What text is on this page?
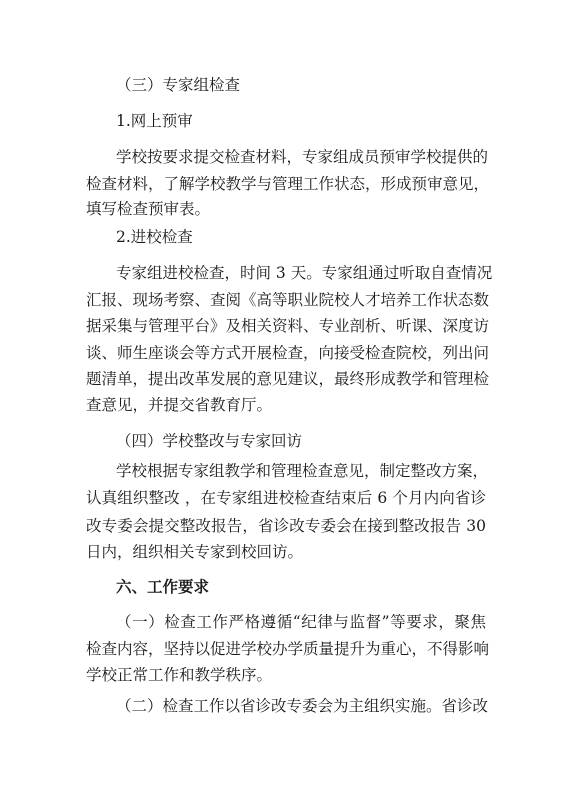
（三）专家组检查
1.网上预审
学校按要求提交检查材料，专家组成员预审学校提供的
检查材料，了解学校教学与管理工作状态，形成预审意见，
填写检查预审表。
2.进校检查
专家组进校检查，时间 3 天。专家组通过听取自查情况
汇报、现场考察、查阅《高等职业院校人才培养工作状态数
据采集与管理平台》及相关资料、专业剖析、听课、深度访
谈、师生座谈会等方式开展检查，向接受检查院校，列出问
题清单，提出改革发展的意见建议，最终形成教学和管理检
查意见，并提交省教育厅。
（四）学校整改与专家回访
学校根据专家组教学和管理检查意见，制定整改方案，
认真组织整改 ，在专家组进校检查结束后 6 个月内向省诊
改专委会提交整改报告，省诊改专委会在接到整改报告 30
日内，组织相关专家到校回访。
六、工作要求
（一）检查工作严格遵循“纪律与监督”等要求，聚焦
检查内容，坚持以促进学校办学质量提升为重心，不得影响
学校正常工作和教学秩序。
（二）检查工作以省诊改专委会为主组织实施。省诊改
